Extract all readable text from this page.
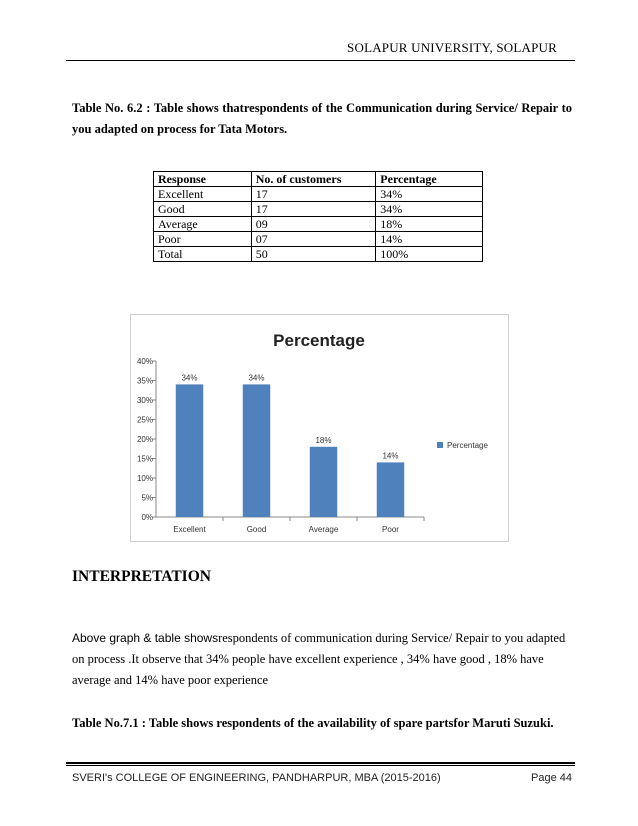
SOLAPUR UNIVERSITY, SOLAPUR
Table No. 6.2 : Table shows thatrespondents of the Communication during Service/ Repair to you adapted on process for Tata Motors.
Response	No. of customers	Percentage
Excellent	17	34%
Good	17	34%
Average	09	18%
Poor	07	14%
Total	50	100%
Percentage
0%
5%
10%
15%
20%
25%
30%
35%
40%
34%
Excellent
34%
Good
18%
Average
14%
Poor
Percentage
INTERPRETATION
Above graph & table showsrespondents of communication during Service/ Repair to you adapted on process .It observe that 34% people have excellent experience , 34% have good , 18% have average and 14% have poor experience
Table No.7.1 : Table shows respondents of the availability of spare partsfor Maruti Suzuki.
SVERI's COLLEGE OF ENGINEERING, PANDHARPUR, MBA (2015-2016)	Page 44
